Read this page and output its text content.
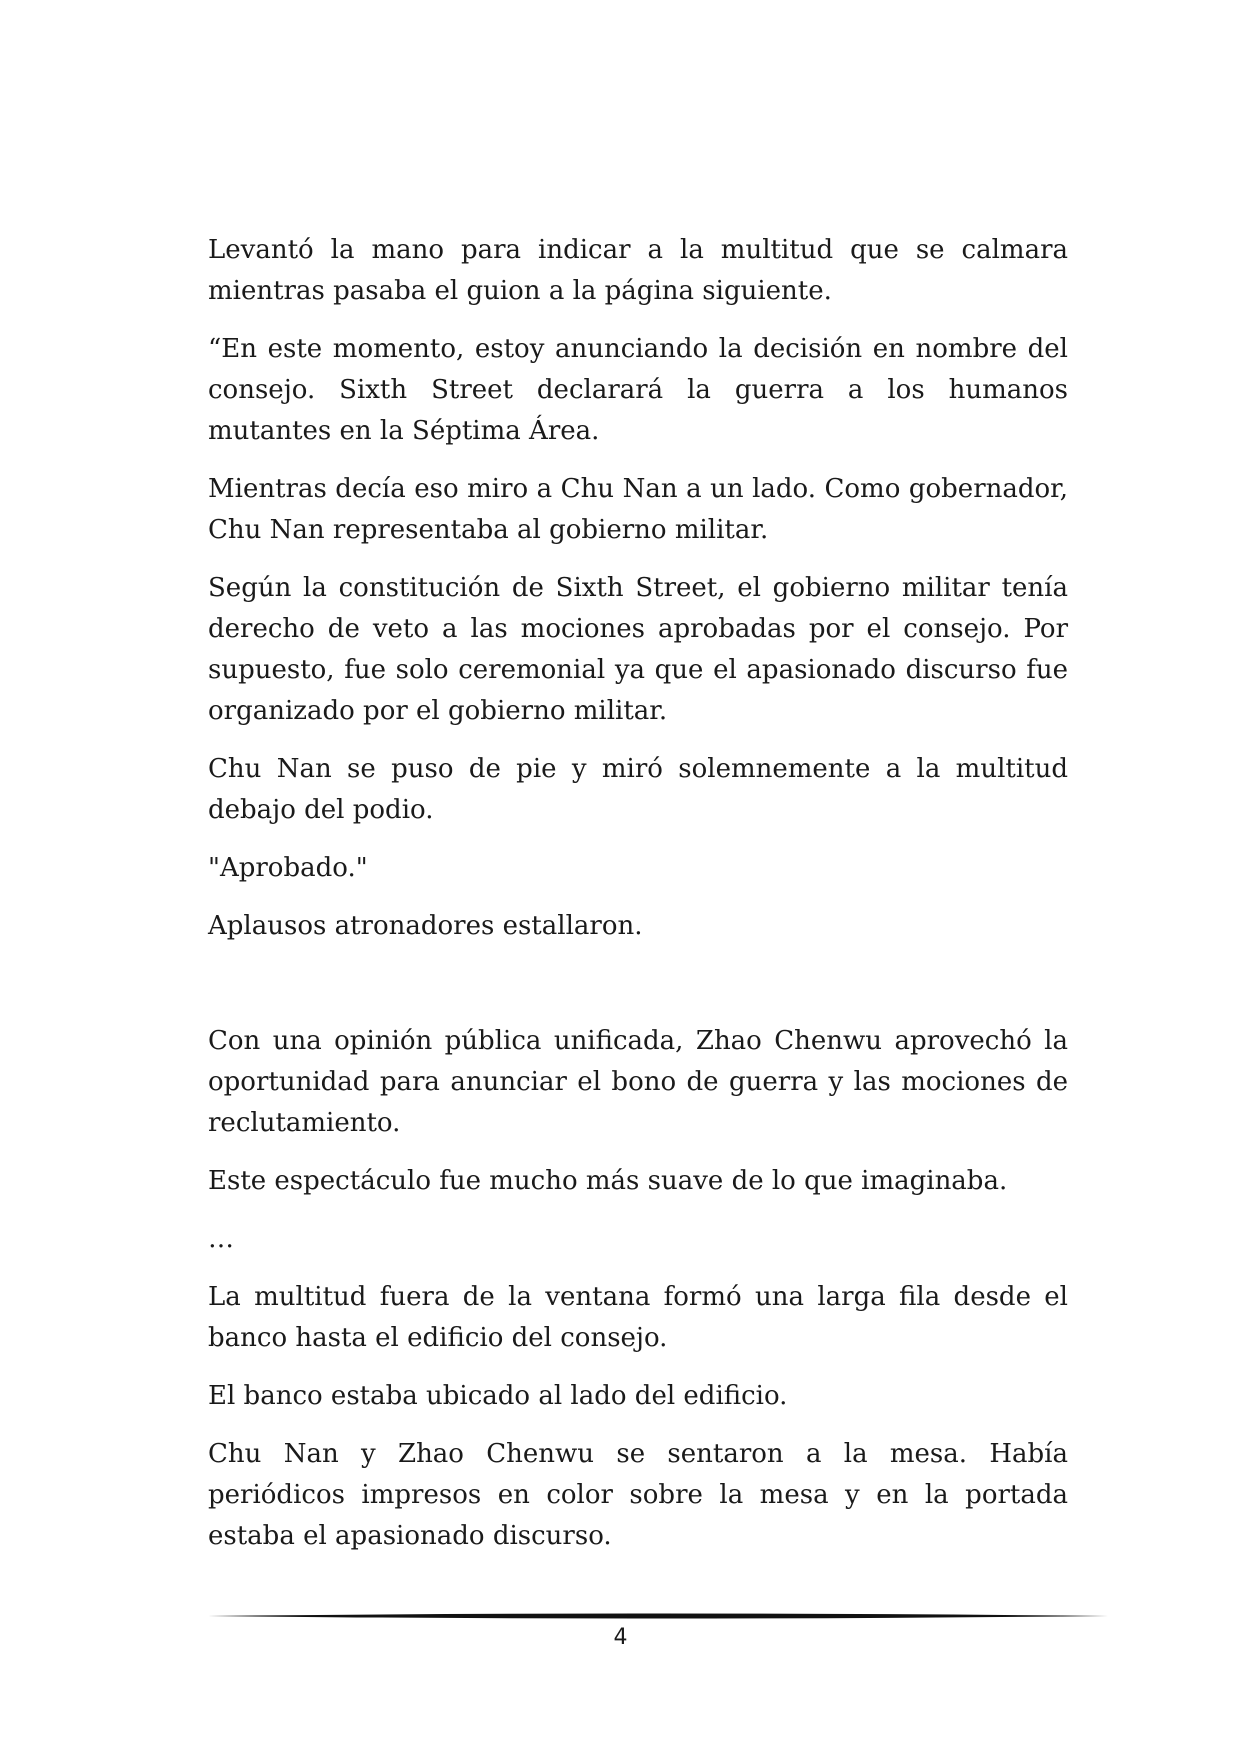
Levantó la mano para indicar a la multitud que se calmara mientras pasaba el guion a la página siguiente.

“En este momento, estoy anunciando la decisión en nombre del consejo. Sixth Street declarará la guerra a los humanos mutantes en la Séptima Área.

Mientras decía eso miro a Chu Nan a un lado. Como gobernador, Chu Nan representaba al gobierno militar.

Según la constitución de Sixth Street, el gobierno militar tenía derecho de veto a las mociones aprobadas por el consejo. Por supuesto, fue solo ceremonial ya que el apasionado discurso fue organizado por el gobierno militar.

Chu Nan se puso de pie y miró solemnemente a la multitud debajo del podio.

"Aprobado."

Aplausos atronadores estallaron.

Con una opinión pública unificada, Zhao Chenwu aprovechó la oportunidad para anunciar el bono de guerra y las mociones de reclutamiento.

Este espectáculo fue mucho más suave de lo que imaginaba.

…

La multitud fuera de la ventana formó una larga fila desde el banco hasta el edificio del consejo.

El banco estaba ubicado al lado del edificio.

Chu Nan y Zhao Chenwu se sentaron a la mesa. Había periódicos impresos en color sobre la mesa y en la portada estaba el apasionado discurso.

4
